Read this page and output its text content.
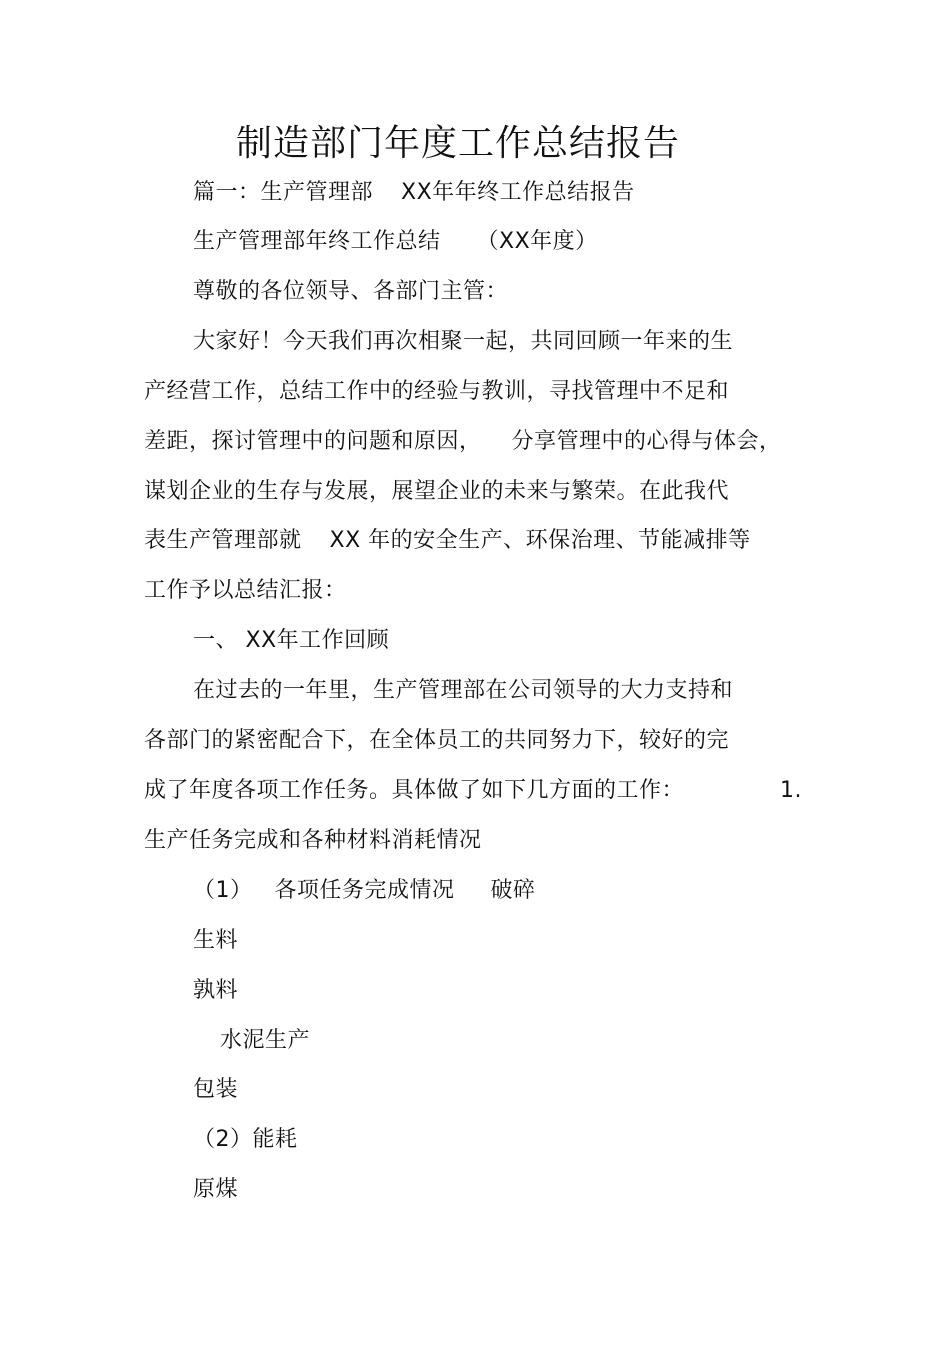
制造部门年度工作总结报告
篇一：生产管理部 XX年年终工作总结报告
生产管理部年终工作总结 （XX年度）
尊敬的各位领导、各部门主管：
大家好！今天我们再次相聚一起，共同回顾一年来的生
产经营工作，总结工作中的经验与教训，寻找管理中不足和
差距，探讨管理中的问题和原因， 分享管理中的心得与体会，
谋划企业的生存与发展，展望企业的未来与繁荣。在此我代
表生产管理部就 XX 年的安全生产、环保治理、节能减排等
工作予以总结汇报：
一、 XX年工作回顾
在过去的一年里，生产管理部在公司领导的大力支持和
各部门的紧密配合下，在全体员工的共同努力下，较好的完
成了年度各项工作任务。具体做了如下几方面的工作：	1.
生产任务完成和各种材料消耗情况
（1） 各项任务完成情况 破碎
生料
孰料
水泥生产
包装
（2）能耗
原煤
